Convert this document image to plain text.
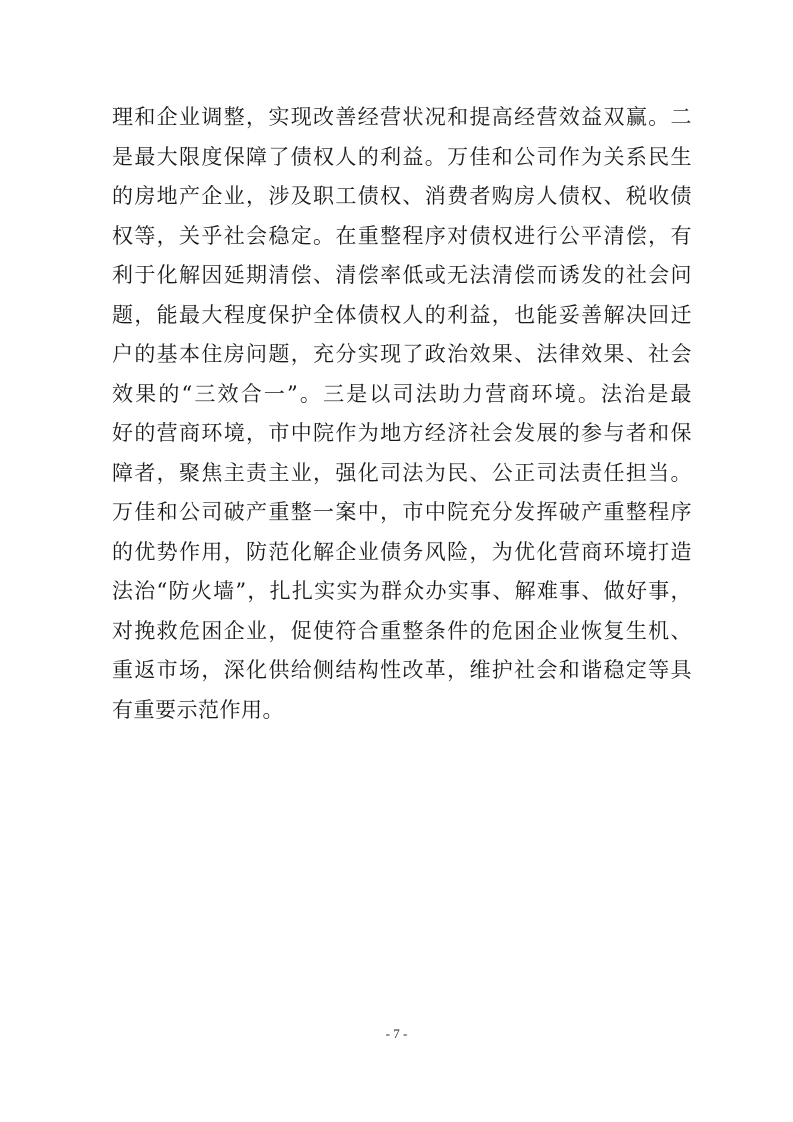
理和企业调整，实现改善经营状况和提高经营效益双赢。二
是最大限度保障了债权人的利益。万佳和公司作为关系民生
的房地产企业，涉及职工债权、消费者购房人债权、税收债
权等，关乎社会稳定。在重整程序对债权进行公平清偿，有
利于化解因延期清偿、清偿率低或无法清偿而诱发的社会问
题，能最大程度保护全体债权人的利益，也能妥善解决回迁
户的基本住房问题，充分实现了政治效果、法律效果、社会
效果的“三效合一”。三是以司法助力营商环境。法治是最
好的营商环境，市中院作为地方经济社会发展的参与者和保
障者，聚焦主责主业，强化司法为民、公正司法责任担当。
万佳和公司破产重整一案中，市中院充分发挥破产重整程序
的优势作用，防范化解企业债务风险，为优化营商环境打造
法治“防火墙”，扎扎实实为群众办实事、解难事、做好事，
对挽救危困企业，促使符合重整条件的危困企业恢复生机、
重返市场，深化供给侧结构性改革，维护社会和谐稳定等具
有重要示范作用。
- 7 -
